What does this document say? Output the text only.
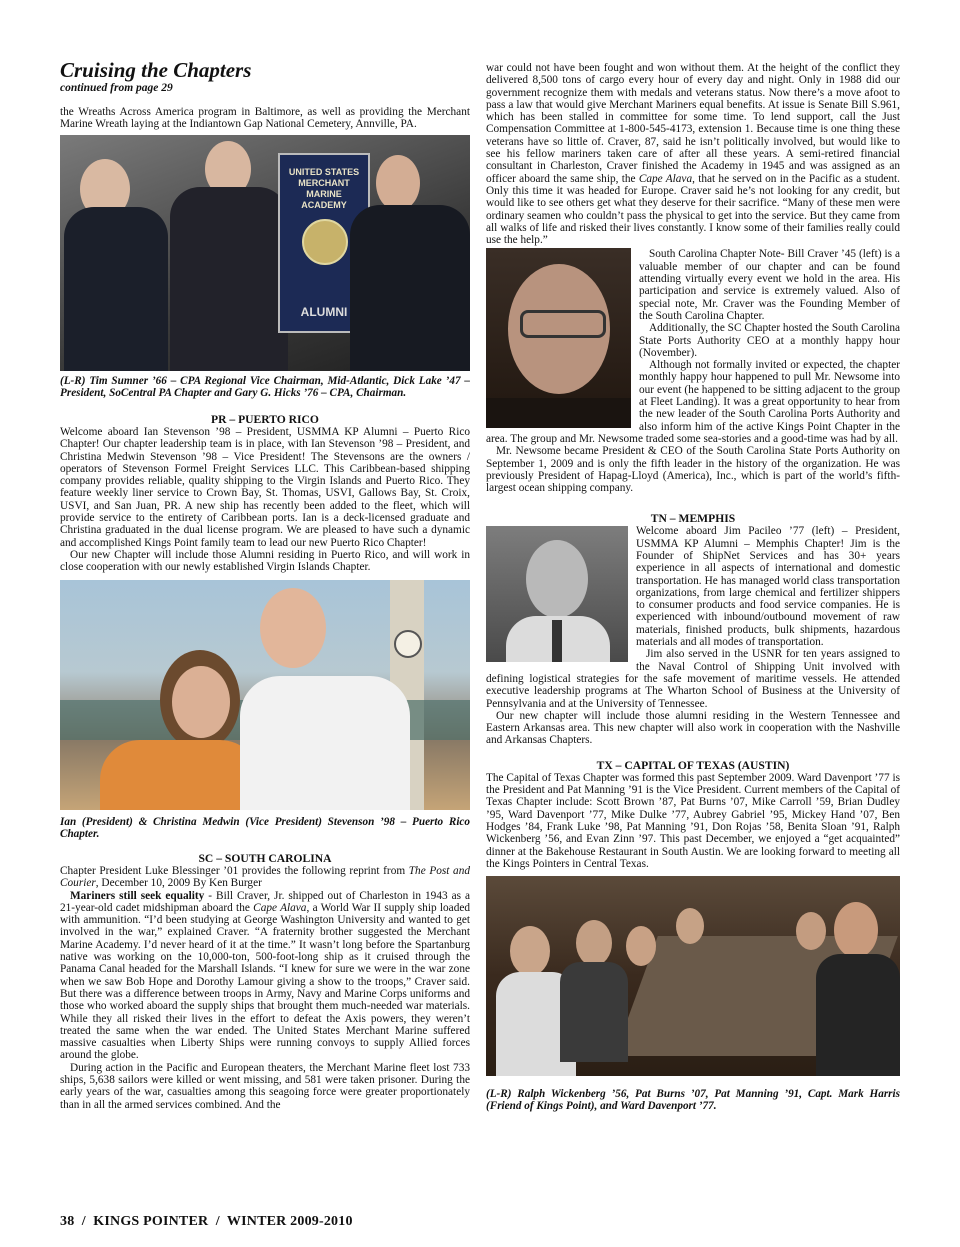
Cruising the Chapters
continued from page 29

the Wreaths Across America program in Baltimore, as well as providing the Merchant Marine Wreath laying at the Indiantown Gap National Cemetery, Annville, PA.

UNITED STATES MERCHANT MARINE ACADEMY
ALUMNI

(L-R) Tim Sumner ’66 – CPA Regional Vice Chairman, Mid-Atlantic, Dick Lake ’47 – President, SoCentral PA Chapter and Gary G. Hicks ’76 – CPA, Chairman.

PR – PUERTO RICO

Welcome aboard Ian Stevenson ’98 – President, USMMA KP Alumni – Puerto Rico Chapter! Our chapter leadership team is in place, with Ian Stevenson ’98 – President, and Christina Medwin Stevenson ’98 – Vice President! The Stevensons are the owners / operators of Stevenson Formel Freight Services LLC. This Caribbean-based shipping company provides reliable, quality shipping to the Virgin Islands and Puerto Rico. They feature weekly liner service to Crown Bay, St. Thomas, USVI, Gallows Bay, St. Croix, USVI, and San Juan, PR. A new ship has recently been added to the fleet, which will provide service to the entirety of Caribbean ports. Ian is a deck-licensed graduate and Christina graduated in the dual license program. We are pleased to have such a dynamic and accomplished Kings Point family team to lead our new Puerto Rico Chapter!

Our new Chapter will include those Alumni residing in Puerto Rico, and will work in close cooperation with our newly established Virgin Islands Chapter.

Ian (President) & Christina Medwin (Vice President) Stevenson ’98 – Puerto Rico Chapter.

SC – SOUTH CAROLINA

Chapter President Luke Blessinger ’01 provides the following reprint from The Post and Courier, December 10, 2009 By Ken Burger

Mariners still seek equality - Bill Craver, Jr. shipped out of Charleston in 1943 as a 21-year-old cadet midshipman aboard the Cape Alava, a World War II supply ship loaded with ammunition. “I’d been studying at George Washington University and wanted to get involved in the war,” explained Craver. “A fraternity brother suggested the Merchant Marine Academy. I’d never heard of it at the time.” It wasn’t long before the Spartanburg native was working on the 10,000-ton, 500-foot-long ship as it cruised through the Panama Canal headed for the Marshall Islands. “I knew for sure we were in the war zone when we saw Bob Hope and Dorothy Lamour giving a show to the troops,” Craver said. But there was a difference between troops in Army, Navy and Marine Corps uniforms and those who worked aboard the supply ships that brought them much-needed war materials. While they all risked their lives in the effort to defeat the Axis powers, they weren’t treated the same when the war ended. The United States Merchant Marine suffered massive casualties when Liberty Ships were running convoys to supply Allied forces around the globe.

During action in the Pacific and European theaters, the Merchant Marine fleet lost 733 ships, 5,638 sailors were killed or went missing, and 581 were taken prisoner. During the early years of the war, casualties among this seagoing force were greater proportionately than in all the armed services combined. And the

war could not have been fought and won without them. At the height of the conflict they delivered 8,500 tons of cargo every hour of every day and night. Only in 1988 did our government recognize them with medals and veterans status. Now there’s a move afoot to pass a law that would give Merchant Mariners equal benefits. At issue is Senate Bill S.961, which has been stalled in committee for some time. To lend support, call the Just Compensation Committee at 1-800-545-4173, extension 1. Because time is one thing these veterans have so little of. Craver, 87, said he isn’t politically involved, but would like to see his fellow mariners taken care of after all these years. A semi-retired financial consultant in Charleston, Craver finished the Academy in 1945 and was assigned as an officer aboard the same ship, the Cape Alava, that he served on in the Pacific as a student. Only this time it was headed for Europe. Craver said he’s not looking for any credit, but would like to see others get what they deserve for their sacrifice. “Many of these men were ordinary seamen who couldn’t pass the physical to get into the service. But they came from all walks of life and risked their lives constantly. I know some of their families really could use the help.”

South Carolina Chapter Note- Bill Craver ’45 (left) is a valuable member of our chapter and can be found attending virtually every event we hold in the area. His participation and service is extremely valued. Also of special note, Mr. Craver was the Founding Member of the South Carolina Chapter.

Additionally, the SC Chapter hosted the South Carolina State Ports Authority CEO at a monthly happy hour (November).

Although not formally invited or expected, the chapter monthly happy hour happened to pull Mr. Newsome into our event (he happened to be sitting adjacent to the group at Fleet Landing). It was a great opportunity to hear from the new leader of the South Carolina Ports Authority and also inform him of the active Kings Point Chapter in the area. The group and Mr. Newsome traded some sea-stories and a good-time was had by all.

Mr. Newsome became President & CEO of the South Carolina State Ports Authority on September 1, 2009 and is only the fifth leader in the history of the organization. He was previously President of Hapag-Lloyd (America), Inc., which is part of the world’s fifth-largest ocean shipping company.

TN – MEMPHIS

Welcome aboard Jim Pacileo ’77 (left) – President, USMMA KP Alumni – Memphis Chapter! Jim is the Founder of ShipNet Services and has 30+ years experience in all aspects of international and domestic transportation. He has managed world class transportation organizations, from large chemical and fertilizer shippers to consumer products and food service companies. He is experienced with inbound/outbound movement of raw materials, finished products, bulk shipments, hazardous materials and all modes of transportation.

Jim also served in the USNR for ten years assigned to the Naval Control of Shipping Unit involved with defining logistical strategies for the safe movement of maritime vessels. He attended executive leadership programs at The Wharton School of Business at the University of Pennsylvania and at the University of Tennessee.

Our new chapter will include those alumni residing in the Western Tennessee and Eastern Arkansas area. This new chapter will also work in cooperation with the Nashville and Arkansas Chapters.

TX – CAPITAL OF TEXAS (AUSTIN)

The Capital of Texas Chapter was formed this past September 2009. Ward Davenport ’77 is the President and Pat Manning ’91 is the Vice President. Current members of the Capital of Texas Chapter include: Scott Brown ’87, Pat Burns ’07, Mike Carroll ’59, Brian Dudley ’95, Ward Davenport ’77, Mike Dulke ’77, Aubrey Gabriel ’95, Mickey Hand ’07, Ben Hodges ’84, Frank Luke ’98, Pat Manning ’91, Don Rojas ’58, Benita Sloan ’91, Ralph Wickenberg ’56, and Evan Zinn ’97. This past December, we enjoyed a “get acquainted” dinner at the Bakehouse Restaurant in South Austin. We are looking forward to meeting all the Kings Pointers in Central Texas.

(L-R) Ralph Wickenberg ’56, Pat Burns ’07, Pat Manning ’91, Capt. Mark Harris (Friend of Kings Point), and Ward Davenport ’77.

38  /  KINGS POINTER  /  WINTER 2009-2010
